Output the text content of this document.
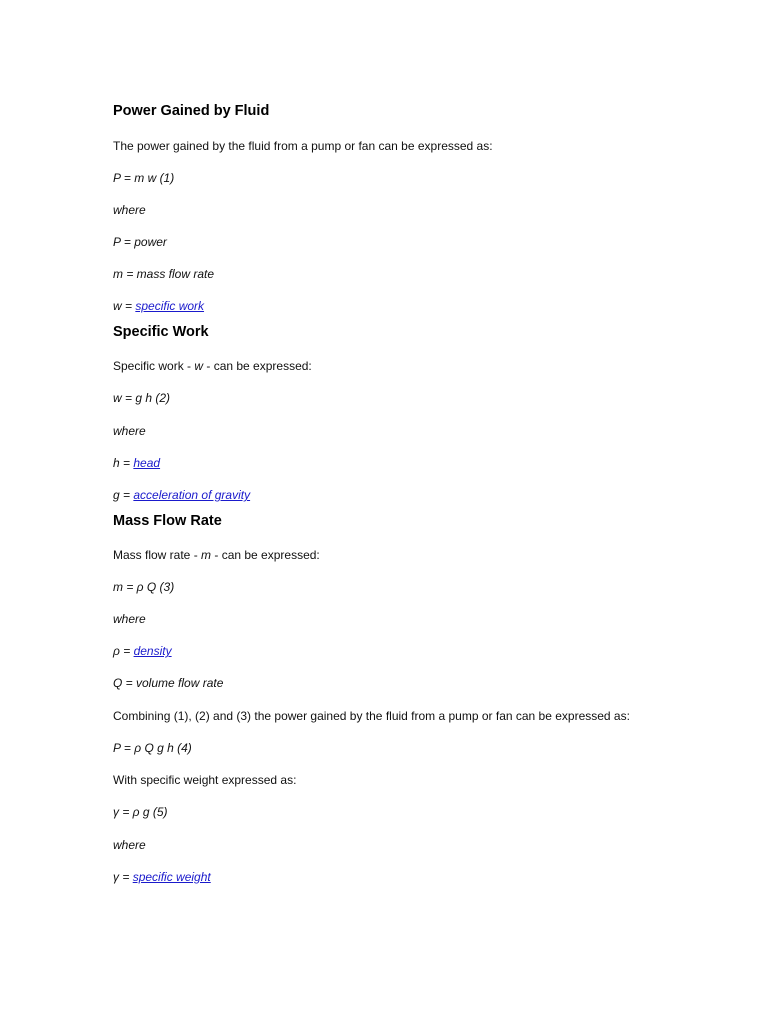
Power Gained by Fluid

The power gained by the fluid from a pump or fan can be expressed as:

P = m w (1)

where

P = power

m = mass flow rate

w = specific work

Specific Work

Specific work - w - can be expressed:

w = g h (2)

where

h = head

g = acceleration of gravity

Mass Flow Rate

Mass flow rate - m - can be expressed:

m = ρ Q (3)

where

ρ = density

Q = volume flow rate

Combining (1), (2) and (3) the power gained by the fluid from a pump or fan can be expressed as:

P = ρ Q g h (4)

With specific weight expressed as:

γ = ρ g (5)

where

γ = specific weight
